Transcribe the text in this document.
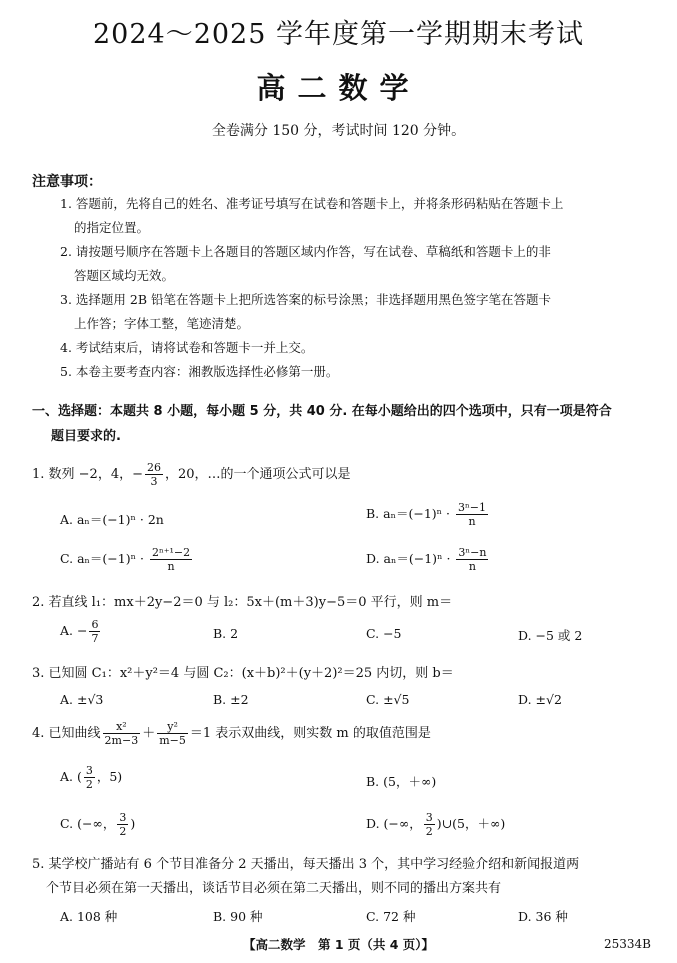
2024～2025 学年度第一学期期末考试
高二数学
全卷满分 150 分，考试时间 120 分钟。
注意事项：
1. 答题前，先将自己的姓名、准考证号填写在试卷和答题卡上，并将条形码粘贴在答题卡上
的指定位置。
2. 请按题号顺序在答题卡上各题目的答题区域内作答，写在试卷、草稿纸和答题卡上的非
答题区域均无效。
3. 选择题用 2B 铅笔在答题卡上把所选答案的标号涂黑；非选择题用黑色签字笔在答题卡
上作答；字体工整，笔迹清楚。
4. 考试结束后，请将试卷和答题卡一并上交。
5. 本卷主要考查内容：湘教版选择性必修第一册。
一、选择题：本题共 8 小题，每小题 5 分，共 40 分. 在每小题给出的四个选项中，只有一项是符合
题目要求的.
1. 数列 −2，4，− $\frac{26}{3}$ ，20，…的一个通项公式可以是
A. aₙ＝(−1)ⁿ · 2n	B. $a_n=(-1)^n \cdot \frac{\text{3ⁿ−1}}{n}$
C. $a_n=(-1)^n \cdot \frac{\text{2ⁿ⁺¹−2}}{n}$	D. $a_n=(-1)^n \cdot \frac{\text{3ⁿ−n}}{n}$
2. 若直线 l₁：mx＋2y−2＝0 与 l₂：5x＋(m＋3)y−5＝0 平行，则 m＝
A. − $\frac{6}{7}$	B. 2	C. −5	D. −5 或 2
3. 已知圆 C₁：x²＋y²＝4 与圆 C₂：(x＋b)²＋(y＋2)²＝25 内切，则 b＝
A. ±√3	B. ±2	C. ±√5	D. ±√2
4. 已知曲线 $\frac{\text{x²}}{2m-3} + \frac{\text{y²}}{m-5} =1$ 表示双曲线，则实数 m 的取值范围是
A. ( $\frac{3}{2}$ ，5)	B. (5，＋∞)
C. (−∞， $\frac{3}{2}$ )	D. (−∞， $\frac{3}{2}$ )∪(5，＋∞)
5. 某学校广播站有 6 个节目准备分 2 天播出，每天播出 3 个，其中学习经验介绍和新闻报道两
个节目必须在第一天播出，谈话节目必须在第二天播出，则不同的播出方案共有
A. 108 种	B. 90 种	C. 72 种	D. 36 种
【高二数学　第 1 页（共 4 页）】	25334B
